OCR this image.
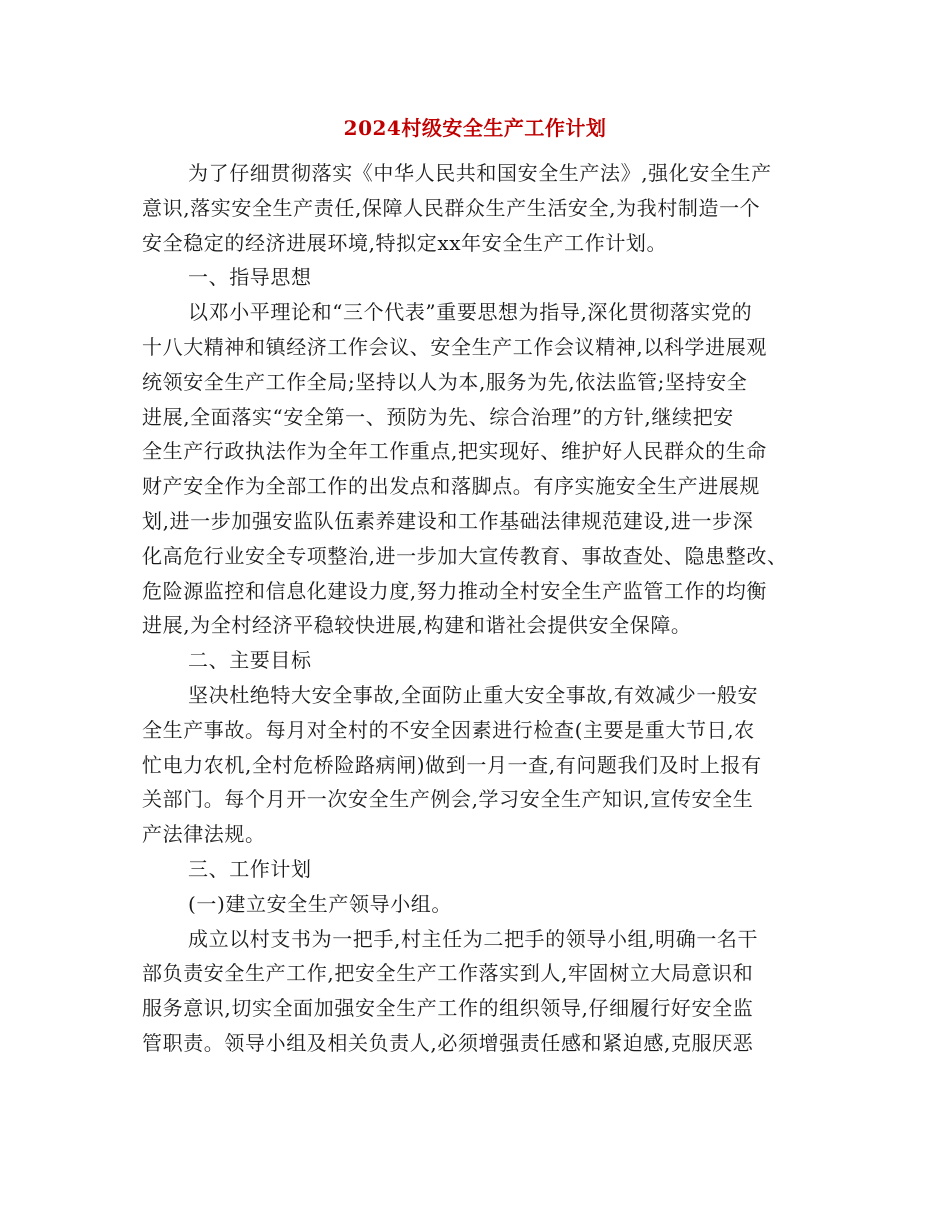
2024村级安全生产工作计划
为了仔细贯彻落实《中华人民共和国安全生产法》,强化安全生产
意识,落实安全生产责任,保障人民群众生产生活安全,为我村制造一个
安全稳定的经济进展环境,特拟定xx年安全生产工作计划。
一、指导思想
以邓小平理论和“三个代表”重要思想为指导,深化贯彻落实党的
十八大精神和镇经济工作会议、安全生产工作会议精神,以科学进展观
统领安全生产工作全局;坚持以人为本,服务为先,依法监管;坚持安全
进展,全面落实“安全第一、预防为先、综合治理”的方针,继续把安
全生产行政执法作为全年工作重点,把实现好、维护好人民群众的生命
财产安全作为全部工作的出发点和落脚点。有序实施安全生产进展规
划,进一步加强安监队伍素养建设和工作基础法律规范建设,进一步深
化高危行业安全专项整治,进一步加大宣传教育、事故查处、隐患整改、
危险源监控和信息化建设力度,努力推动全村安全生产监管工作的均衡
进展,为全村经济平稳较快进展,构建和谐社会提供安全保障。
二、主要目标
坚决杜绝特大安全事故,全面防止重大安全事故,有效减少一般安
全生产事故。每月对全村的不安全因素进行检查(主要是重大节日,农
忙电力农机,全村危桥险路病闸)做到一月一查,有问题我们及时上报有
关部门。每个月开一次安全生产例会,学习安全生产知识,宣传安全生
产法律法规。
三、工作计划
(一)建立安全生产领导小组。
成立以村支书为一把手,村主任为二把手的领导小组,明确一名干
部负责安全生产工作,把安全生产工作落实到人,牢固树立大局意识和
服务意识,切实全面加强安全生产工作的组织领导,仔细履行好安全监
管职责。领导小组及相关负责人,必须增强责任感和紧迫感,克服厌恶
